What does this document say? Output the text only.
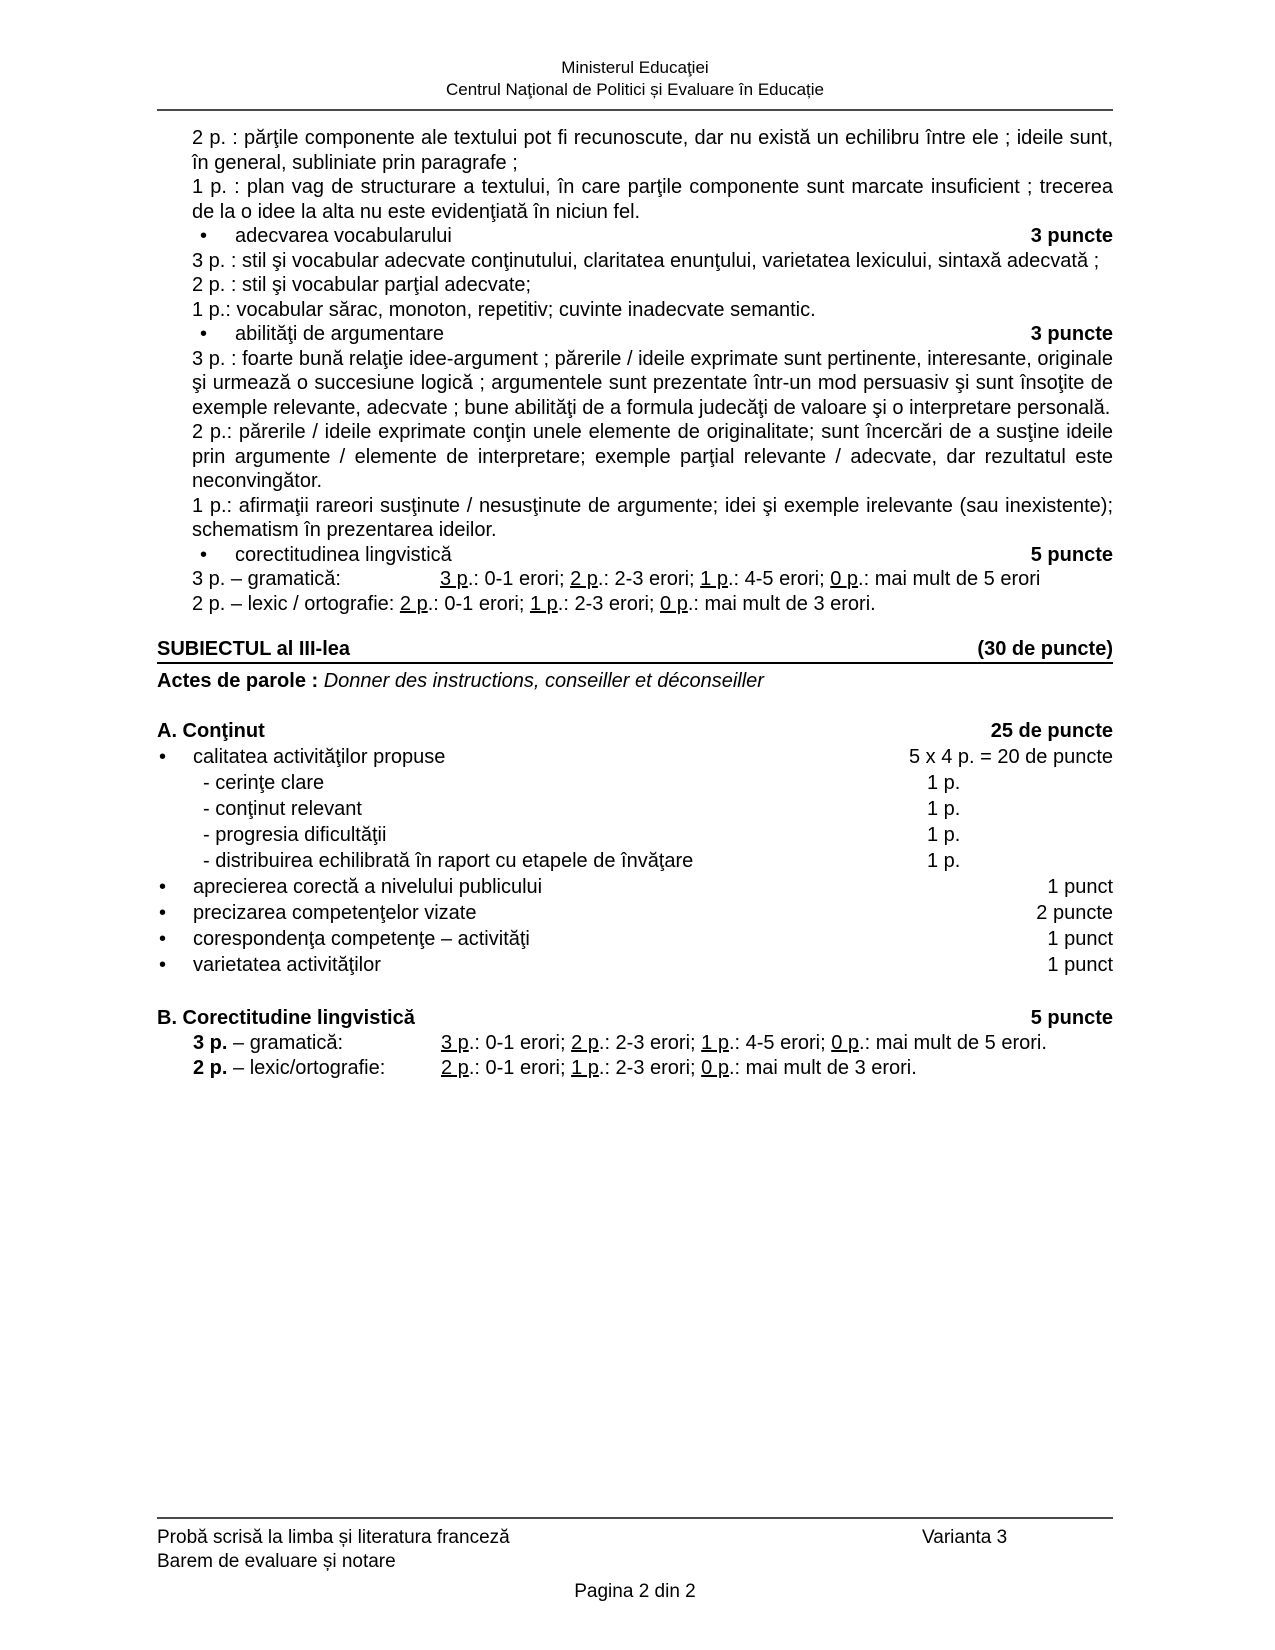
Ministerul Educaţiei
Centrul Naţional de Politici și Evaluare în Educație
2 p. : părţile componente ale textului pot fi recunoscute, dar nu există un echilibru între ele ; ideile sunt, în general, subliniate prin paragrafe ;
1 p. : plan vag de structurare a textului, în care parţile componente sunt marcate insuficient ; trecerea de la o idee la alta nu este evidenţiată în niciun fel.
•	adecvarea vocabularului	3 puncte
3 p. : stil şi vocabular adecvate conţinutului, claritatea enunţului, varietatea lexicului, sintaxă adecvată ;
2 p. : stil şi vocabular parţial adecvate;
1 p.: vocabular sărac, monoton, repetitiv; cuvinte inadecvate semantic.
•	abilităţi de argumentare	3 puncte
3 p. : foarte bună relaţie idee-argument ; părerile / ideile exprimate sunt pertinente, interesante, originale şi urmează o succesiune logică ; argumentele sunt prezentate într-un mod persuasiv şi sunt însoţite de exemple relevante, adecvate ; bune abilităţi de a formula judecăţi de valoare şi o interpretare personală.
2 p.: părerile / ideile exprimate conţin unele elemente de originalitate; sunt încercări de a susţine ideile prin argumente / elemente de interpretare; exemple parţial relevante / adecvate, dar rezultatul este neconvingător.
1 p.: afirmaţii rareori susţinute / nesusţinute de argumente; idei şi exemple irelevante (sau inexistente); schematism în prezentarea ideilor.
•	corectitudinea lingvistică	5 puncte
3 p. – gramatică:	3 p.: 0-1 erori; 2 p.: 2-3 erori; 1 p.: 4-5 erori; 0 p.: mai mult de 5 erori
2 p. – lexic / ortografie: 2 p.: 0-1 erori; 1 p.: 2-3 erori; 0 p.: mai mult de 3 erori.
SUBIECTUL al III-lea	(30 de puncte)
Actes de parole : Donner des instructions, conseiller et déconseiller
A. Conţinut	25 de puncte
•	calitatea activităţilor propuse	5 x 4 p. = 20 de puncte
- cerinţe clare	1 p.
- conţinut relevant	1 p.
- progresia dificultăţii	1 p.
- distribuirea echilibrată în raport cu etapele de învăţare	1 p.
•	aprecierea corectă a nivelului publicului	1 punct
•	precizarea competenţelor vizate	2 puncte
•	corespondenţa competenţe – activităţi	1 punct
•	varietatea activităţilor	1 punct
B. Corectitudine lingvistică	5 puncte
3 p. – gramatică:	3 p.: 0-1 erori; 2 p.: 2-3 erori; 1 p.: 4-5 erori; 0 p.: mai mult de 5 erori.
2 p. – lexic/ortografie:	2 p.: 0-1 erori; 1 p.: 2-3 erori; 0 p.: mai mult de 3 erori.
Probă scrisă la limba și literatura franceză	Varianta 3
Barem de evaluare și notare
Pagina 2 din 2
